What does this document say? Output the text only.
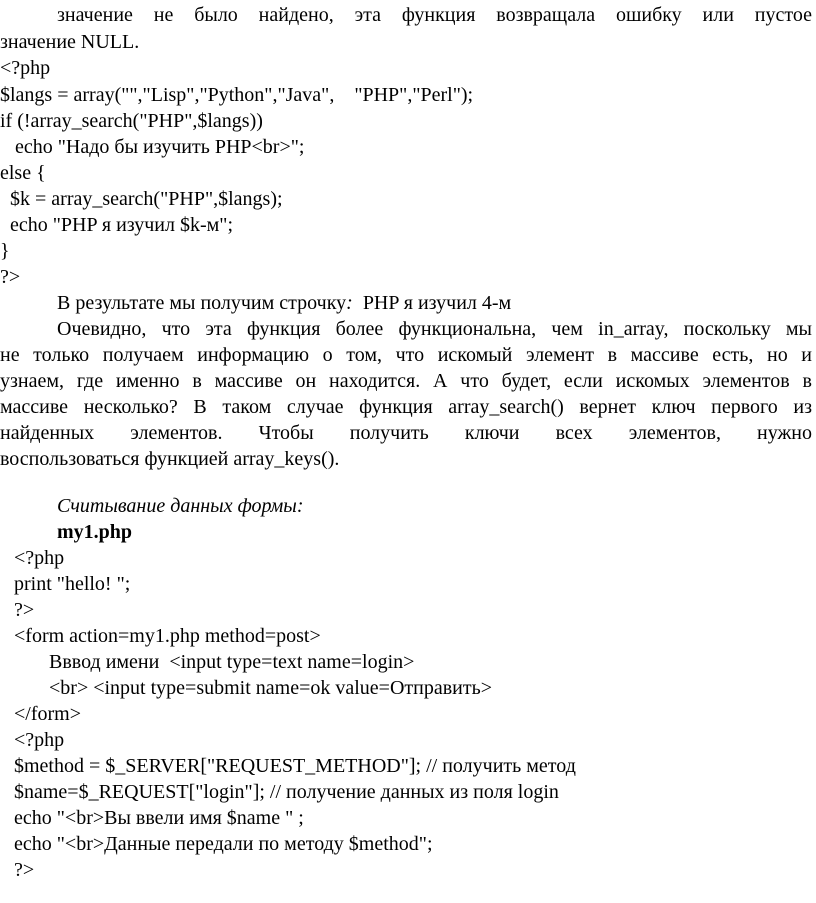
значение не было найдено, эта функция возвращала ошибку или пустое
значение NULL.
<?php
$langs = array("","Lisp","Python","Java",    "PHP","Perl");
if (!array_search("PHP",$langs))
echo "Надо бы изучить PHP<br>";
else {
$k = array_search("PHP",$langs);
echo "PHP я изучил $k-м";
}
?>
В результате мы получим строчку:  PHP я изучил 4-м
Очевидно, что эта функция более функциональна, чем in_array, поскольку мы
не только получаем информацию о том, что искомый элемент в массиве есть, но и
узнаем, где именно в массиве он находится. А что будет, если искомых элементов в
массиве несколько? В таком случае функция array_search() вернет ключ первого из
найденных элементов. Чтобы получить ключи всех элементов, нужно
воспользоваться функцией array_keys().
Считывание данных формы:
my1.php
<?php
print "hello! ";
?>
<form action=my1.php method=post>
Вввод имени  <input type=text name=login>
<br> <input type=submit name=ok value=Отправить>
</form>
<?php
$method = $_SERVER["REQUEST_METHOD"]; // получить метод
$name=$_REQUEST["login"]; // получение данных из поля login
echo "<br>Вы ввели имя $name " ;
echo "<br>Данные передали по методу $method";
?>
